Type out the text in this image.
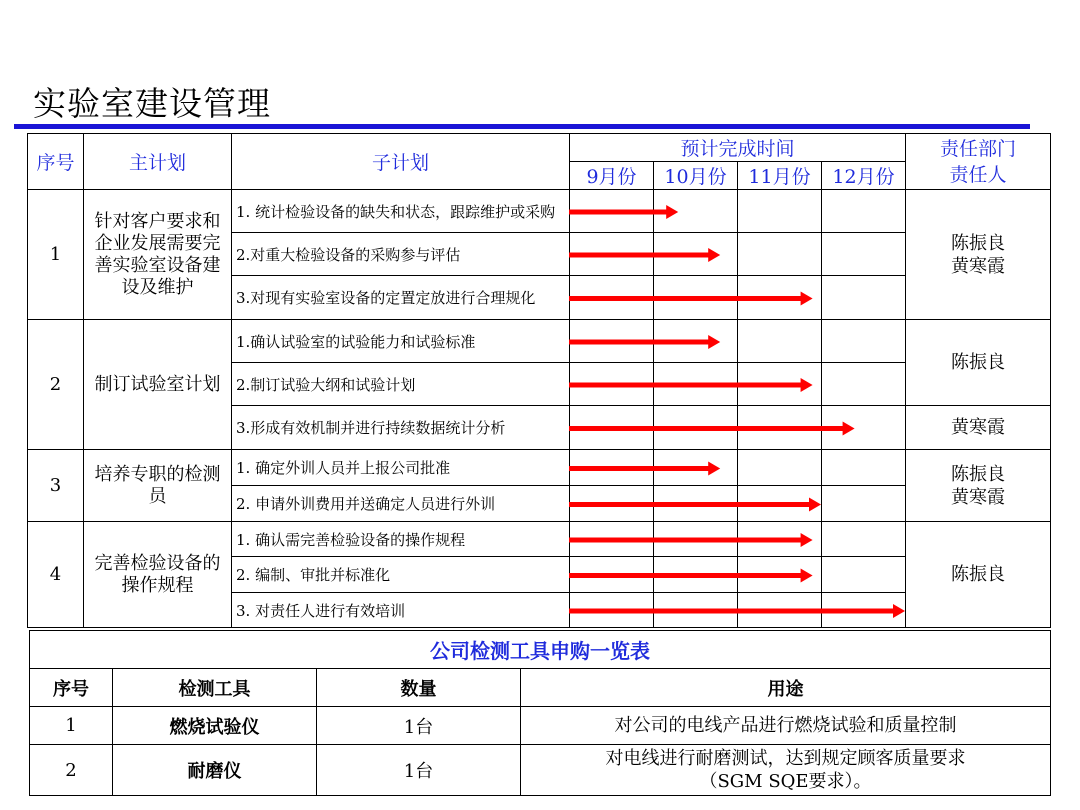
实验室建设管理
序号	主计划	子计划	预计完成时间				责任部门
责任人
			9月份	10月份	11月份	12月份	
1	针对客户要求和企业发展需要完善实验室设备建设及维护	1. 统计检验设备的缺失和状态，跟踪维护或采购					陈振良
黄寒霞
		2.对重大检验设备的采购参与评估					
		3.对现有实验室设备的定置定放进行合理规化					
2	制订试验室计划	1.确认试验室的试验能力和试验标准					陈振良
		2.制订试验大纲和试验计划					
		3.形成有效机制并进行持续数据统计分析					黄寒霞
3	培养专职的检测员	1. 确定外训人员并上报公司批准					陈振良
黄寒霞
		2. 申请外训费用并送确定人员进行外训					
4	完善检验设备的操作规程	1. 确认需完善检验设备的操作规程					陈振良
		2. 编制、审批并标准化					
		3. 对责任人进行有效培训					
公司检测工具申购一览表			
序号	检测工具	数量	用途
1	燃烧试验仪	1台	对公司的电线产品进行燃烧试验和质量控制
2	耐磨仪	1台	对电线进行耐磨测试，达到规定顾客质量要求
（SGM SQE要求）。
